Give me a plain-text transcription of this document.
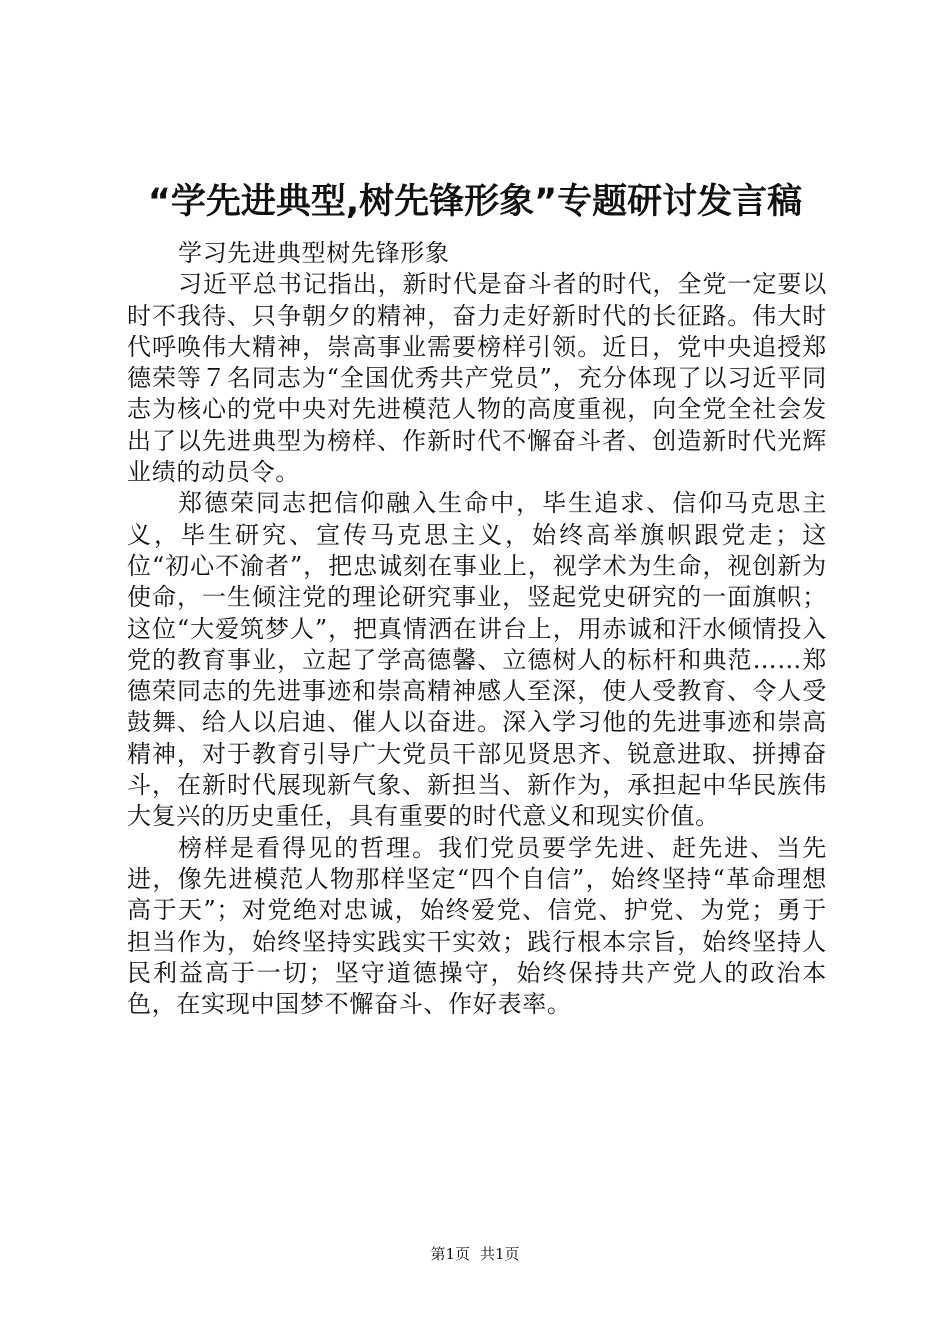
“学先进典型,树先锋形象”专题研讨发言稿

学习先进典型树先锋形象

习近平总书记指出，新时代是奋斗者的时代，全党一定要以时不我待、只争朝夕的精神，奋力走好新时代的长征路。伟大时代呼唤伟大精神，崇高事业需要榜样引领。近日，党中央追授郑德荣等７名同志为“全国优秀共产党员”，充分体现了以习近平同志为核心的党中央对先进模范人物的高度重视，向全党全社会发出了以先进典型为榜样、作新时代不懈奋斗者、创造新时代光辉业绩的动员令。

郑德荣同志把信仰融入生命中，毕生追求、信仰马克思主义，毕生研究、宣传马克思主义，始终高举旗帜跟党走；这位“初心不渝者”，把忠诚刻在事业上，视学术为生命，视创新为使命，一生倾注党的理论研究事业，竖起党史研究的一面旗帜；这位“大爱筑梦人”，把真情洒在讲台上，用赤诚和汗水倾情投入党的教育事业，立起了学高德馨、立德树人的标杆和典范……郑德荣同志的先进事迹和崇高精神感人至深，使人受教育、令人受鼓舞、给人以启迪、催人以奋进。深入学习他的先进事迹和崇高精神，对于教育引导广大党员干部见贤思齐、锐意进取、拼搏奋斗，在新时代展现新气象、新担当、新作为，承担起中华民族伟大复兴的历史重任，具有重要的时代意义和现实价值。

榜样是看得见的哲理。我们党员要学先进、赶先进、当先进，像先进模范人物那样坚定“四个自信”，始终坚持“革命理想高于天”；对党绝对忠诚，始终爱党、信党、护党、为党；勇于担当作为，始终坚持实践实干实效；践行根本宗旨，始终坚持人民利益高于一切；坚守道德操守，始终保持共产党人的政治本色，在实现中国梦不懈奋斗、作好表率。

第1页 共1页
